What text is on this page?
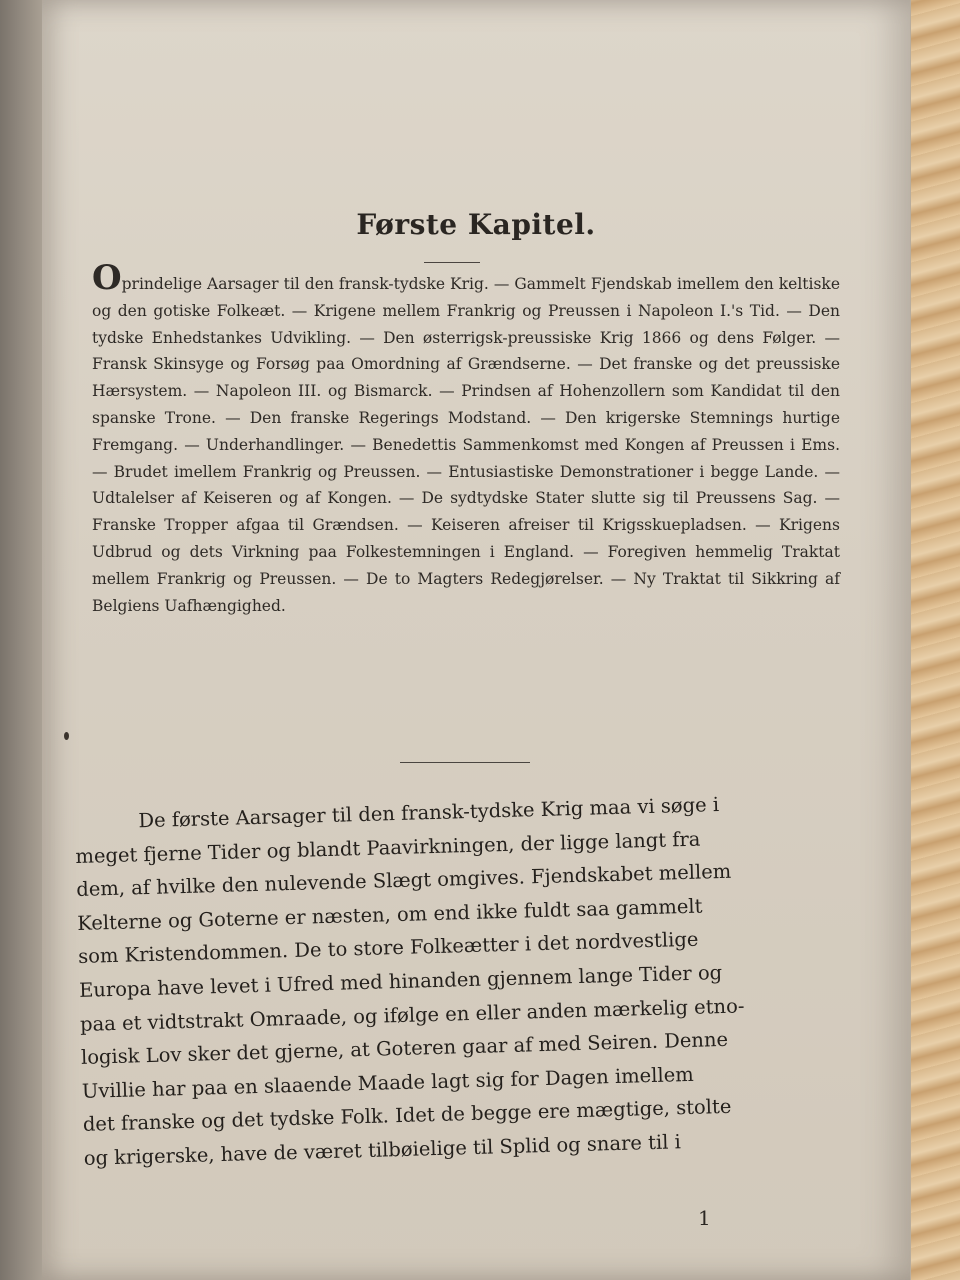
Første Kapitel.

Oprindelige Aarsager til den fransk-tydske Krig. — Gammelt Fjendskab imellem den keltiske og den gotiske Folkeæt. — Krigene mellem Frankrig og Preussen i Napoleon I.'s Tid. — Den tydske Enhedstankes Udvikling. — Den østerrigsk-preussiske Krig 1866 og dens Følger. — Fransk Skinsyge og Forsøg paa Omordning af Grændserne. — Det franske og det preussiske Hærsystem. — Napoleon III. og Bismarck. — Prindsen af Hohenzollern som Kandidat til den spanske Trone. — Den franske Regerings Modstand. — Den krigerske Stemnings hurtige Fremgang. — Underhandlinger. — Benedettis Sammenkomst med Kongen af Preussen i Ems. — Brudet imellem Frankrig og Preussen. — Entusiastiske Demonstrationer i begge Lande. — Udtalelser af Keiseren og af Kongen. — De sydtydske Stater slutte sig til Preussens Sag. — Franske Tropper afgaa til Grændsen. — Keiseren afreiser til Krigsskuepladsen. — Krigens Udbrud og dets Virkning paa Folkestemningen i England. — Foregiven hemmelig Traktat mellem Frankrig og Preussen. — De to Magters Redegjørelser. — Ny Traktat til Sikkring af Belgiens Uafhængighed.

De første Aarsager til den fransk-tydske Krig maa vi søge i
meget fjerne Tider og blandt Paavirkningen, der ligge langt fra
dem, af hvilke den nulevende Slægt omgives. Fjendskabet mellem
Kelterne og Goterne er næsten, om end ikke fuldt saa gammelt
som Kristendommen. De to store Folkeætter i det nordvestlige
Europa have levet i Ufred med hinanden gjennem lange Tider og
paa et vidtstrakt Omraade, og ifølge en eller anden mærkelig etno-
logisk Lov sker det gjerne, at Goteren gaar af med Seiren. Denne
Uvillie har paa en slaaende Maade lagt sig for Dagen imellem
det franske og det tydske Folk. Idet de begge ere mægtige, stolte
og krigerske, have de været tilbøielige til Splid og snare til i

1
